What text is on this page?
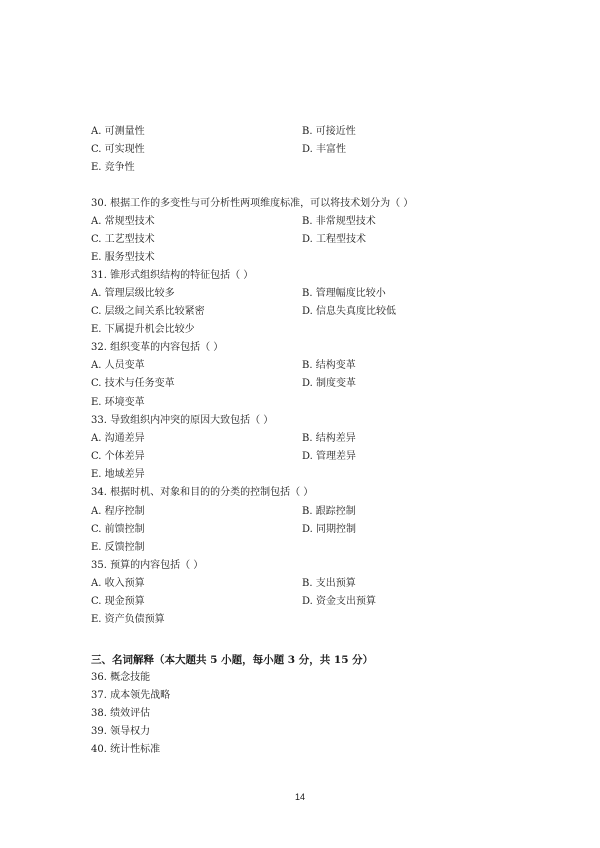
A. 可测量性	B. 可接近性
C. 可实现性	D. 丰富性
E. 竞争性
30. 根据工作的多变性与可分析性两项维度标准，可以将技术划分为（ ）
A. 常规型技术	B. 非常规型技术
C. 工艺型技术	D. 工程型技术
E. 服务型技术
31. 锥形式组织结构的特征包括（ ）
A. 管理层级比较多	B. 管理幅度比较小
C. 层级之间关系比较紧密	D. 信息失真度比较低
E. 下属提升机会比较少
32. 组织变革的内容包括（ ）
A. 人员变革	B. 结构变革
C. 技术与任务变革	D. 制度变革
E. 环境变革
33. 导致组织内冲突的原因大致包括（ ）
A. 沟通差异	B. 结构差异
C. 个体差异	D. 管理差异
E. 地域差异
34. 根据时机、对象和目的的分类的控制包括（ ）
A. 程序控制	B. 跟踪控制
C. 前馈控制	D. 同期控制
E. 反馈控制
35. 预算的内容包括（ ）
A. 收入预算	B. 支出预算
C. 现金预算	D. 资金支出预算
E. 资产负债预算
三、名词解释（本大题共 5 小题，每小题 3 分，共 15 分）
36. 概念技能
37. 成本领先战略
38. 绩效评估
39. 领导权力
40. 统计性标准
14
